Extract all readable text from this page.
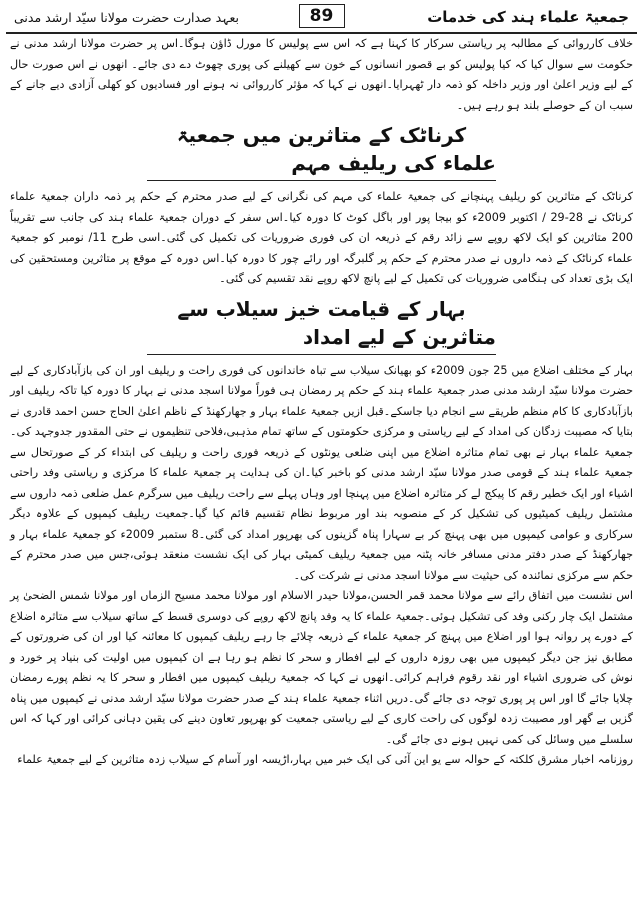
جمعیۃ علماء ہند کی خدمات
89
بعہد صدارت حضرت مولانا سیّد ارشد مدنی

خلاف کارروائی کے مطالبہ پر ریاستی سرکار کا کہنا ہے کہ اس سے پولیس کا مورل ڈاؤن ہوگا۔اس پر حضرت مولانا ارشد مدنی نے حکومت سے سوال کیا کہ کیا پولیس کو بے قصور انسانوں کے خون سے کھیلنے کی پوری چھوٹ دے دی جائے۔ انھوں نے اس صورت حال کے لیے وزیر اعلیٰ اور وزیر داخلہ کو ذمہ دار ٹھہرایا۔انھوں نے کہا کہ مؤثر کارروائی نہ ہونے اور فسادیوں کو کھلی آزادی دیے جانے کے سبب ان کے حوصلے بلند ہو رہے ہیں۔

کرناٹک کے متاثرین میں جمعیۃ علماء کی ریلیف مہم

کرناٹک کے متاثرین کو ریلیف پہنچانے کی جمعیۃ علماء کی مہم کی نگرانی کے لیے صدر محترم کے حکم پر ذمہ داران جمعیۃ علماء کرناٹک نے 28-29 / اکتوبر 2009ء کو بیجا پور اور باگل کوٹ کا دورہ کیا۔اس سفر کے دوران جمعیۃ علماء ہند کی جانب سے تقریباً 200 متاثرین کو ایک لاکھ روپے سے زائد رقم کے ذریعہ ان کی فوری ضروریات کی تکمیل کی گئی۔اسی طرح 11/ نومبر کو جمعیۃ علماء کرناٹک کے ذمہ داروں نے صدر محترم کے حکم پر گلبرگہ اور رائے چور کا دورہ کیا۔اس دورہ کے موقع پر متاثرین ومستحقین کی ایک بڑی تعداد کی ہنگامی ضروریات کی تکمیل کے لیے پانچ لاکھ روپے نقد تقسیم کی گئی۔

بہار کے قیامت خیز سیلاب سے متاثرین کے لیے امداد

بہار کے مختلف اضلاع میں 25 جون 2009ء کو بھیانک سیلاب سے تباہ خاندانوں کی فوری راحت و ریلیف اور ان کی بازآبادکاری کے لیے حضرت مولانا سیّد ارشد مدنی صدر جمعیۃ علماء ہند کے حکم پر رمضان ہی فوراً مولانا اسجد مدنی نے بہار کا دورہ کیا تاکہ ریلیف اور بازآبادکاری کا کام منظم طریقے سے انجام دیا جاسکے۔قبل ازیں جمعیۃ علماء بہار و جھارکھنڈ کے ناظم اعلیٰ الحاج حسن احمد قادری نے بتایا کہ مصیبت زدگان کی امداد کے لیے ریاستی و مرکزی حکومتوں کے ساتھ تمام مذہبی،فلاحی تنظیموں نے حتی المقدور جدوجہد کی۔جمعیۃ علماء بہار نے بھی تمام متاثرہ اضلاع میں اپنی ضلعی یونٹوں کے ذریعہ فوری راحت و ریلیف کی ابتداء کر کے صورتحال سے جمعیۃ علماء ہند کے قومی صدر مولانا سیّد ارشد مدنی کو باخبر کیا۔ان کی ہدایت پر جمعیۃ علماء کا مرکزی و ریاستی وفد راحتی اشیاء اور ایک خطیر رقم کا پیکج لے کر متاثرہ اضلاع میں پہنچا اور وہاں پہلے سے راحت ریلیف میں سرگرم عمل ضلعی ذمہ داروں سے مشتمل ریلیف کمیٹیوں کی تشکیل کر کے منصوبہ بند اور مربوط نظام تقسیم قائم کیا گیا۔جمعیت ریلیف کیمپوں کے علاوہ دیگر سرکاری و عوامی کیمپوں میں بھی پہنچ کر بے سہارا پناہ گزینوں کی بھرپور امداد کی گئی۔8 ستمبر 2009ء کو جمعیۃ علماء بہار و جھارکھنڈ کے صدر دفتر مدنی مسافر خانہ پٹنہ میں جمعیۃ ریلیف کمیٹی بہار کی ایک نشست منعقد ہوئی،جس میں صدر محترم کے حکم سے مرکزی نمائندہ کی حیثیت سے مولانا اسجد مدنی نے شرکت کی۔

اس نشست میں اتفاق رائے سے مولانا محمد قمر الحسن،مولانا حیدر الاسلام اور مولانا محمد مسیح الزماں اور مولانا شمس الضحیٰ پر مشتمل ایک چار رکنی وفد کی تشکیل ہوئی۔جمعیۃ علماء کا یہ وفد پانچ لاکھ روپے کی دوسری قسط کے ساتھ سیلاب سے متاثرہ اضلاع کے دورے پر روانہ ہوا اور اضلاع میں پہنچ کر جمعیۃ علماء کے ذریعہ چلائے جا رہے ریلیف کیمپوں کا معائنہ کیا اور ان کی ضرورتوں کے مطابق نیز جن دیگر کیمپوں میں بھی روزہ داروں کے لیے افطار و سحر کا نظم ہو رہا ہے ان کیمپوں میں اولیت کی بنیاد پر خورد و نوش کی ضروری اشیاء اور نقد رقوم فراہم کرائی۔انھوں نے کہا کہ جمعیۃ ریلیف کیمپوں میں افطار و سحر کا یہ نظم پورے رمضان چلایا جائے گا اور اس پر پوری توجہ دی جائے گی۔دریں اثناء جمعیۃ علماء ہند کے صدر حضرت مولانا سیّد ارشد مدنی نے کیمپوں میں پناہ گزیں بے گھر اور مصیبت زدہ لوگوں کی راحت کاری کے لیے ریاستی جمعیت کو بھرپور تعاون دینے کی یقین دہانی کرائی اور کہا کہ اس سلسلے میں وسائل کی کمی نہیں ہونے دی جائے گی۔

روزنامہ اخبار مشرق کلکتہ کے حوالہ سے یو این آئی کی ایک خبر میں بہار،اڑیسہ اور آسام کے سیلاب زدہ متاثرین کے لیے جمعیۃ علماء
